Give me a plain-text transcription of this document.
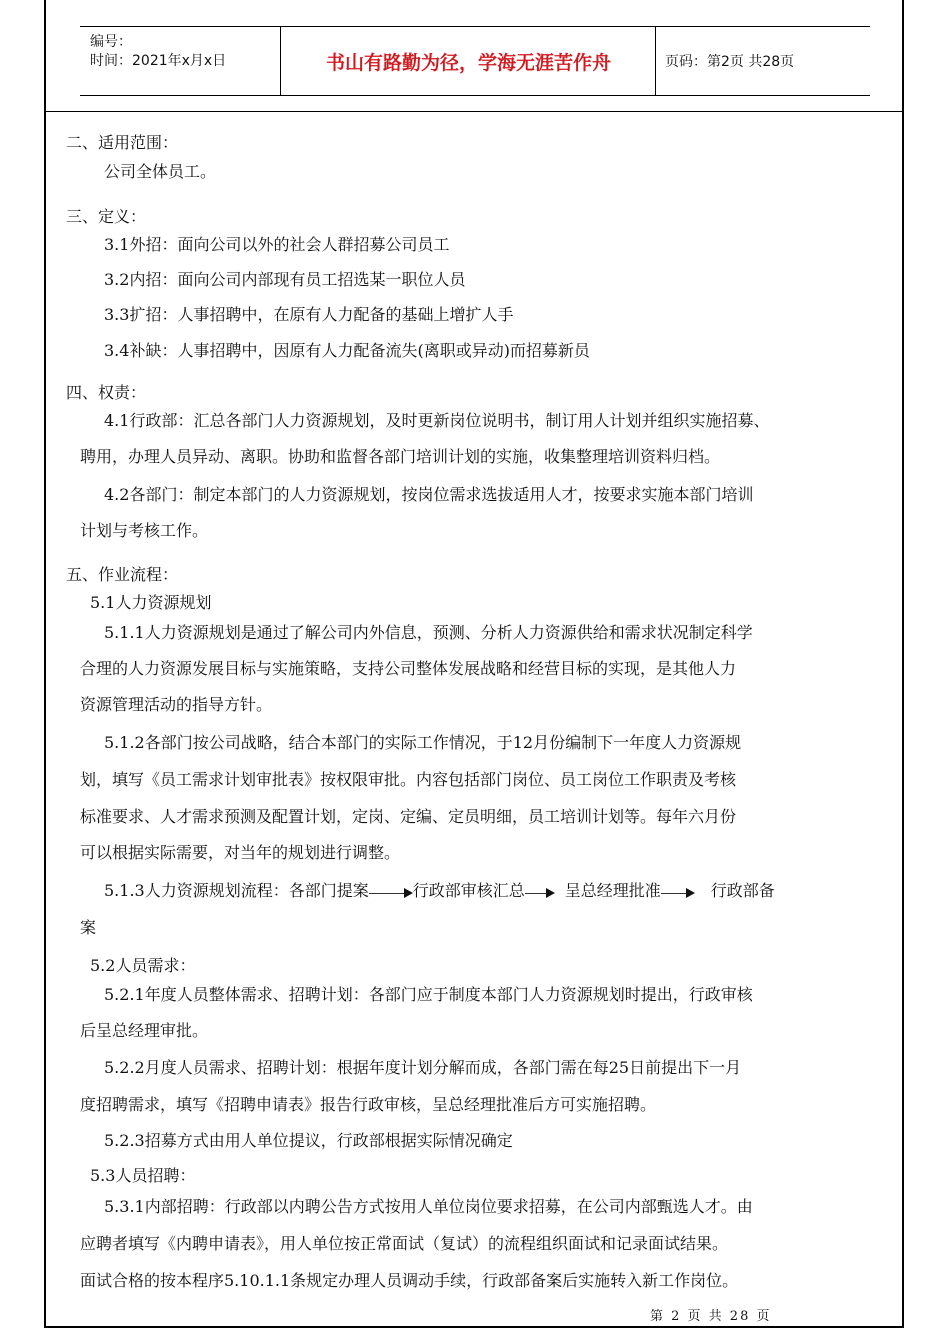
编号：
时间：2021年x月x日	书山有路勤为径，学海无涯苦作舟	页码：第2页 共28页
二、适用范围：
公司全体员工。
三、定义：
3.1外招：面向公司以外的社会人群招募公司员工
3.2内招：面向公司内部现有员工招选某一职位人员
3.3扩招：人事招聘中，在原有人力配备的基础上增扩人手
3.4补缺：人事招聘中，因原有人力配备流失(离职或异动)而招募新员
四、权责：
4.1行政部：汇总各部门人力资源规划，及时更新岗位说明书，制订用人计划并组织实施招募、
聘用，办理人员异动、离职。协助和监督各部门培训计划的实施，收集整理培训资料归档。
4.2各部门：制定本部门的人力资源规划，按岗位需求选拔适用人才，按要求实施本部门培训
计划与考核工作。
五、作业流程：
5.1人力资源规划
5.1.1人力资源规划是通过了解公司内外信息，预测、分析人力资源供给和需求状况制定科学
合理的人力资源发展目标与实施策略，支持公司整体发展战略和经营目标的实现，是其他人力
资源管理活动的指导方针。
5.1.2各部门按公司战略，结合本部门的实际工作情况，于12月份编制下一年度人力资源规
划，填写《员工需求计划审批表》按权限审批。内容包括部门岗位、员工岗位工作职责及考核
标准要求、人才需求预测及配置计划，定岗、定编、定员明细，员工培训计划等。每年六月份
可以根据实际需要，对当年的规划进行调整。
5.1.3人力资源规划流程：各部门提案	行政部审核汇总	呈总经理批准	行政部备
案
5.2人员需求：
5.2.1年度人员整体需求、招聘计划：各部门应于制度本部门人力资源规划时提出，行政审核
后呈总经理审批。
5.2.2月度人员需求、招聘计划：根据年度计划分解而成，各部门需在每25日前提出下一月
度招聘需求，填写《招聘申请表》报告行政审核，呈总经理批准后方可实施招聘。
5.2.3招募方式由用人单位提议，行政部根据实际情况确定
5.3人员招聘：
5.3.1内部招聘：行政部以内聘公告方式按用人单位岗位要求招募，在公司内部甄选人才。由
应聘者填写《内聘申请表》，用人单位按正常面试（复试）的流程组织面试和记录面试结果。
面试合格的按本程序5.10.1.1条规定办理人员调动手续，行政部备案后实施转入新工作岗位。
第 2 页 共 28 页
